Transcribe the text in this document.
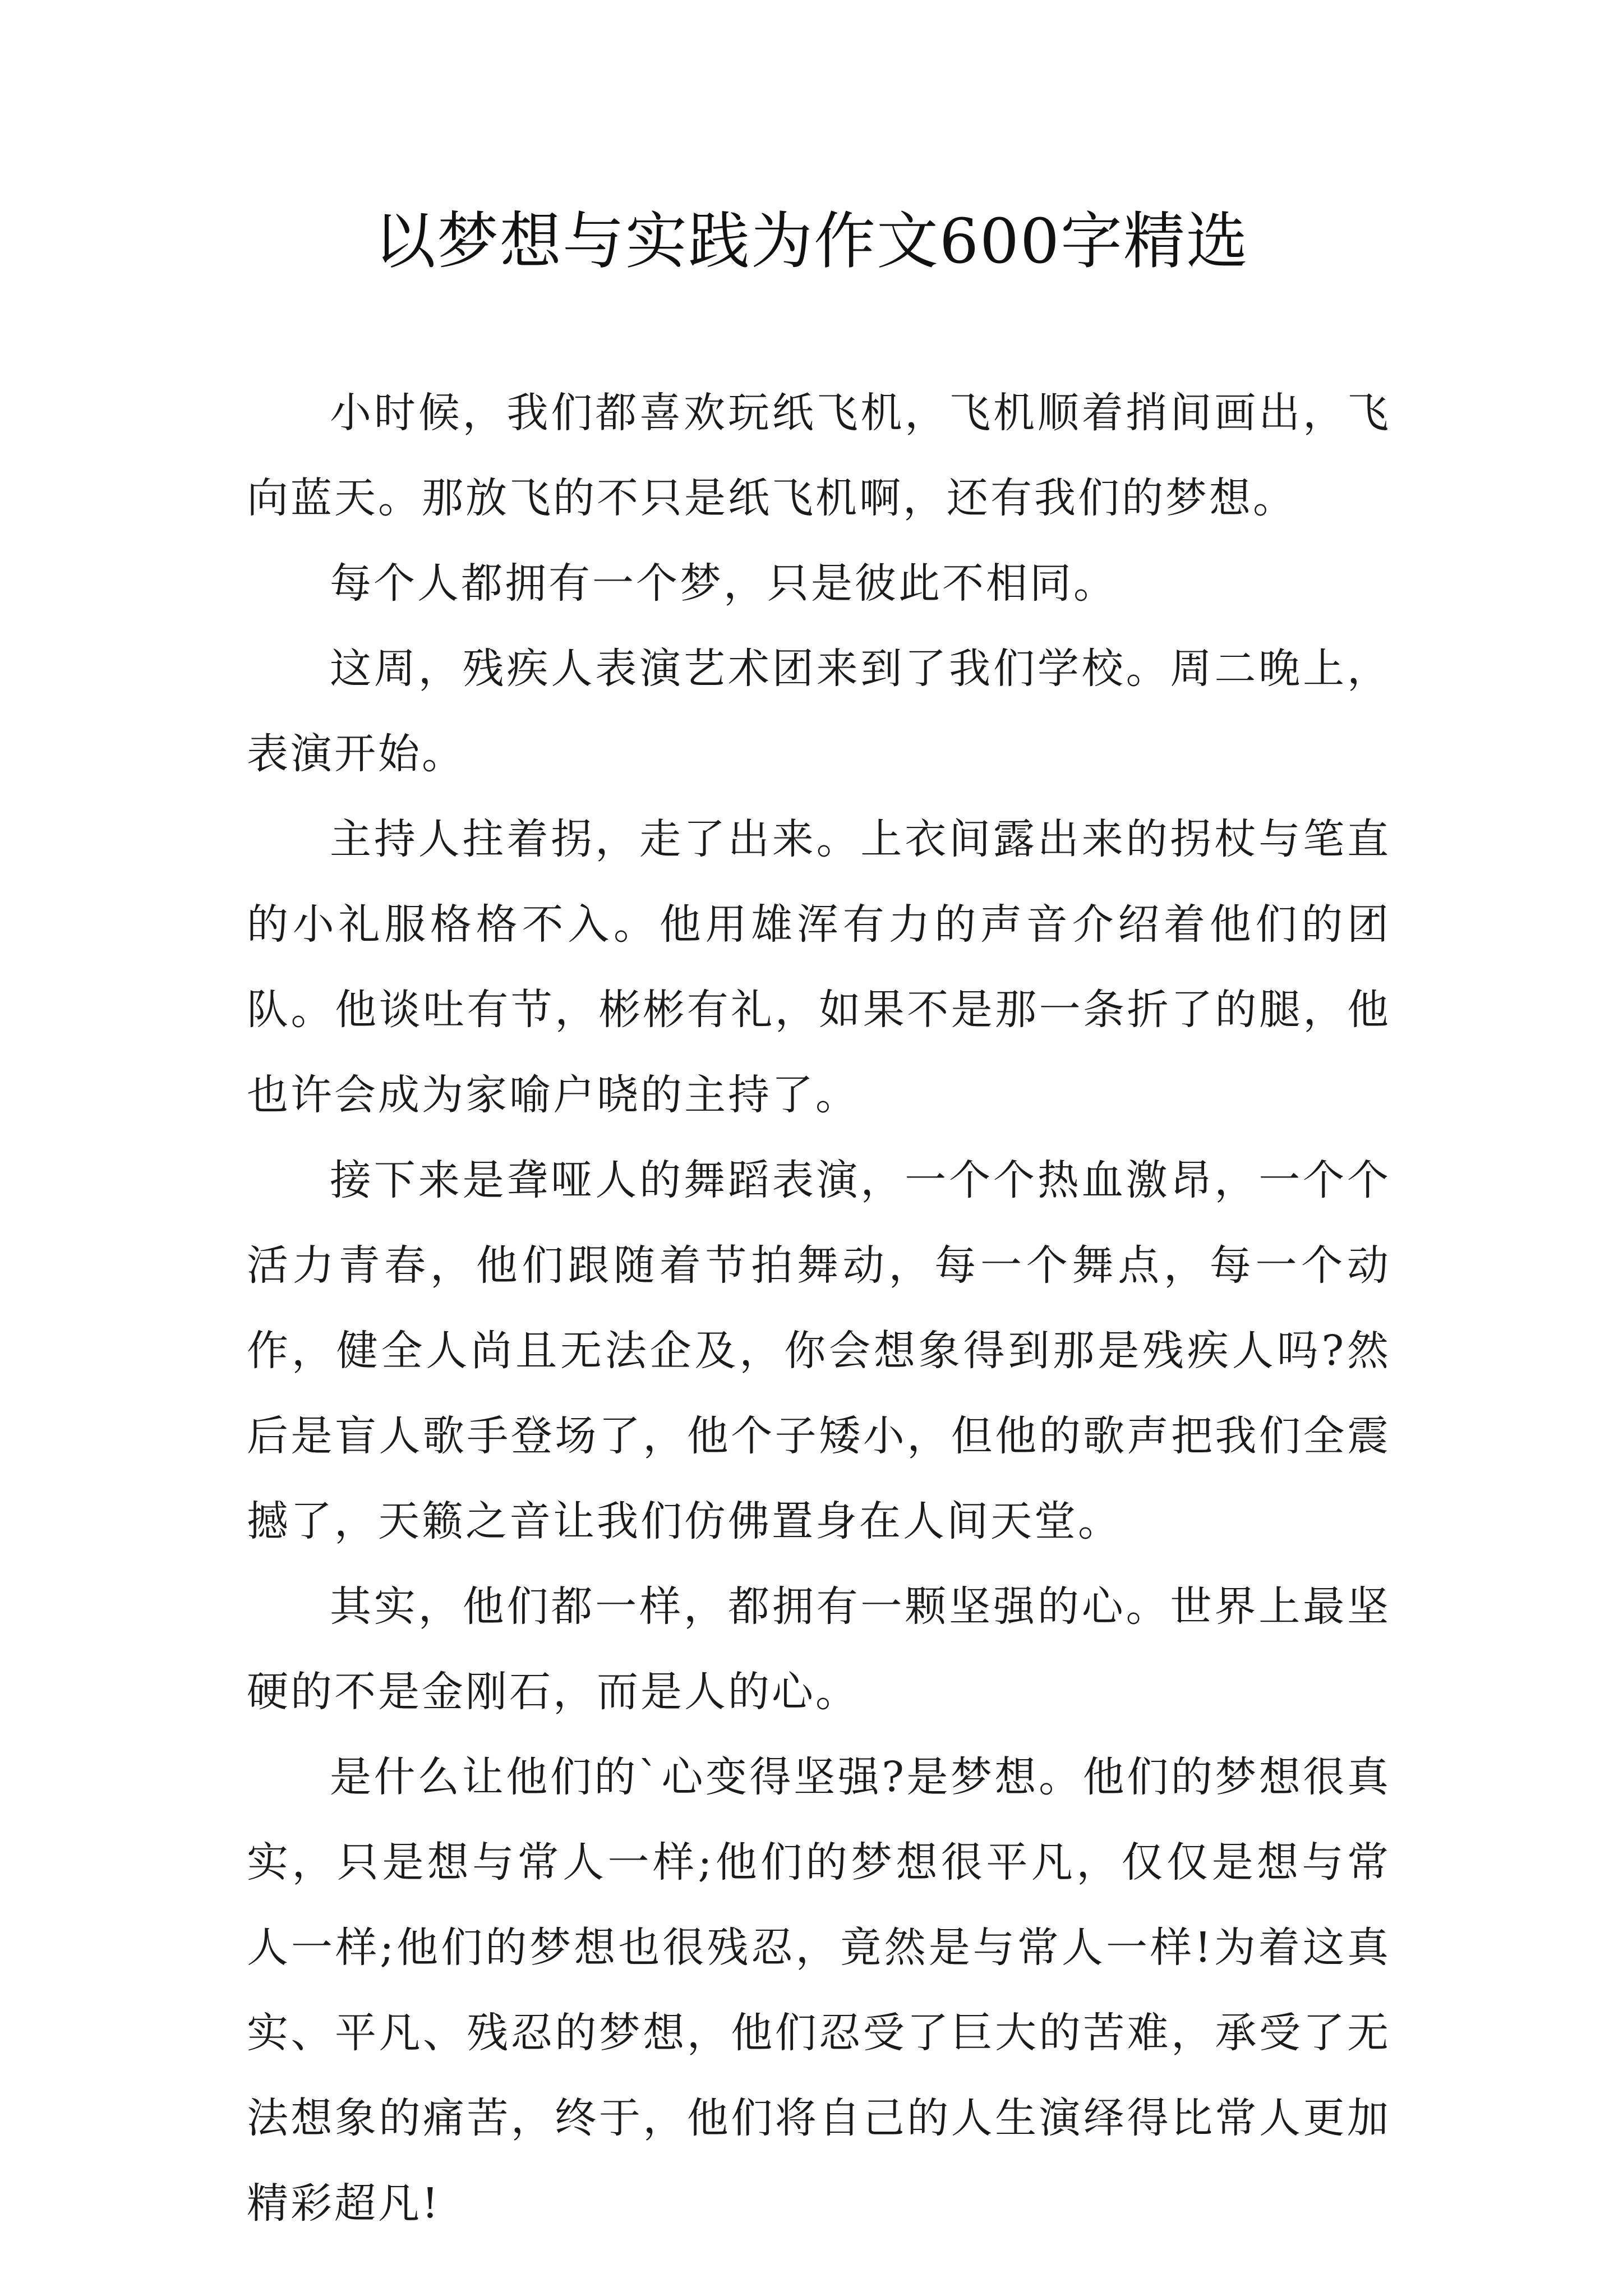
以梦想与实践为作文600字精选

小时候，我们都喜欢玩纸飞机，飞机顺着捎间画出，飞向蓝天。那放飞的不只是纸飞机啊，还有我们的梦想。

每个人都拥有一个梦，只是彼此不相同。

这周，残疾人表演艺术团来到了我们学校。周二晚上，表演开始。

主持人拄着拐，走了出来。上衣间露出来的拐杖与笔直的小礼服格格不入。他用雄浑有力的声音介绍着他们的团队。他谈吐有节，彬彬有礼，如果不是那一条折了的腿，他也许会成为家喻户晓的主持了。

接下来是聋哑人的舞蹈表演，一个个热血激昂，一个个活力青春，他们跟随着节拍舞动，每一个舞点，每一个动作，健全人尚且无法企及，你会想象得到那是残疾人吗?然后是盲人歌手登场了，他个子矮小，但他的歌声把我们全震撼了，天籁之音让我们仿佛置身在人间天堂。

其实，他们都一样，都拥有一颗坚强的心。世界上最坚硬的不是金刚石，而是人的心。

是什么让他们的`心变得坚强?是梦想。他们的梦想很真实，只是想与常人一样;他们的梦想很平凡，仅仅是想与常人一样;他们的梦想也很残忍，竟然是与常人一样!为着这真实、平凡、残忍的梦想，他们忍受了巨大的苦难，承受了无法想象的痛苦，终于，他们将自己的人生演绎得比常人更加精彩超凡!
